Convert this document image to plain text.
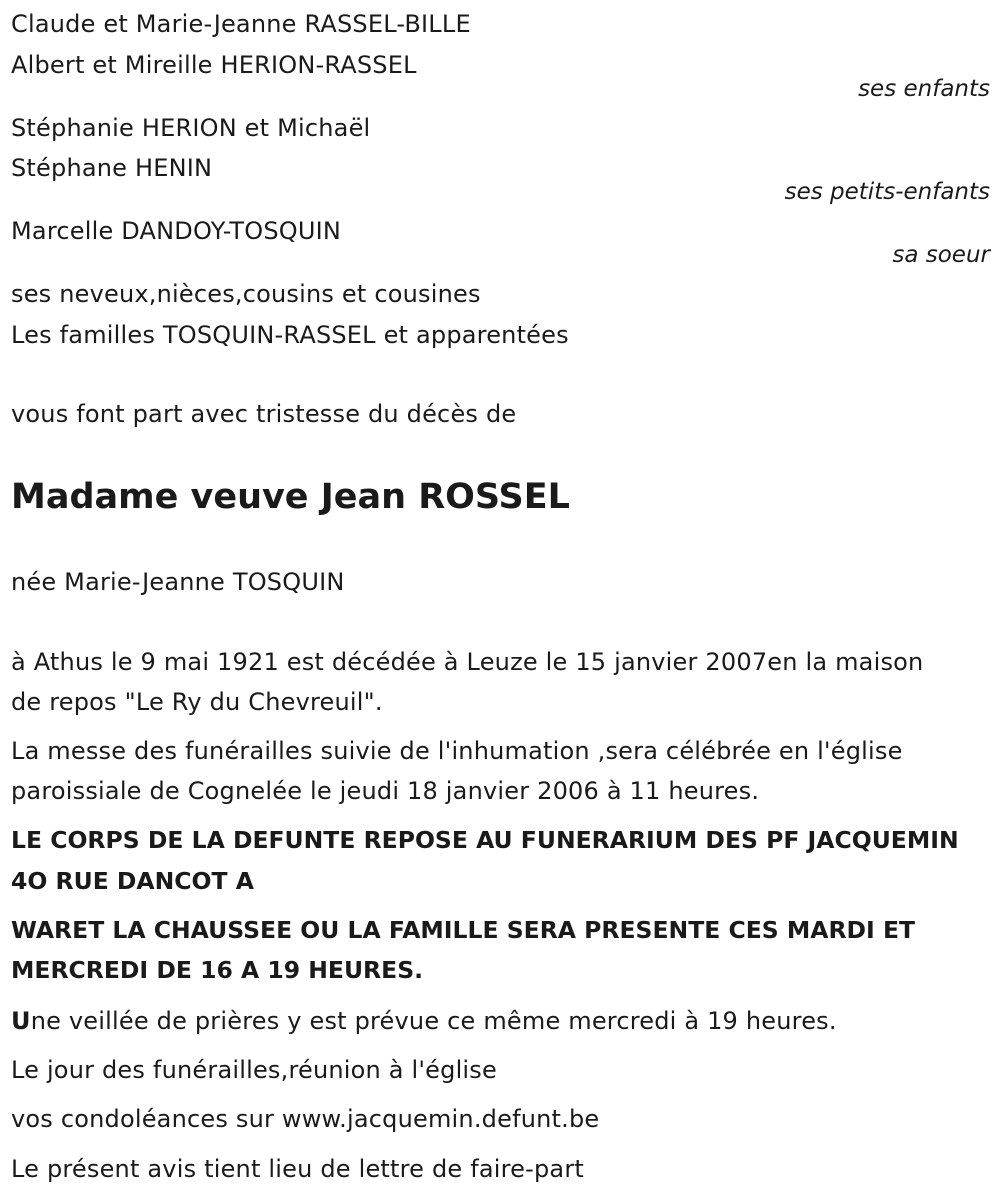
Claude et Marie-Jeanne RASSEL-BILLE
Albert et Mireille HERION-RASSEL
ses enfants
Stéphanie HERION et Michaël
Stéphane HENIN
ses petits-enfants
Marcelle DANDOY-TOSQUIN
sa soeur
ses neveux,nièces,cousins et cousines
Les familles TOSQUIN-RASSEL et apparentées
vous font part avec tristesse du décès de
Madame veuve Jean ROSSEL
née Marie-Jeanne TOSQUIN
à Athus le 9 mai 1921 est décédée à Leuze le 15 janvier 2007en la maison
de repos "Le Ry du Chevreuil".
La messe des funérailles suivie de l'inhumation ,sera célébrée en l'église
paroissiale de Cognelée le jeudi 18 janvier 2006 à 11 heures.
LE CORPS DE LA DEFUNTE REPOSE AU FUNERARIUM DES PF JACQUEMIN
4O RUE DANCOT A
WARET LA CHAUSSEE OU LA FAMILLE SERA PRESENTE CES MARDI ET
MERCREDI DE 16 A 19 HEURES.
Une veillée de prières y est prévue ce même mercredi à 19 heures.
Le jour des funérailles,réunion à l'église
vos condoléances sur www.jacquemin.defunt.be
Le présent avis tient lieu de lettre de faire-part
